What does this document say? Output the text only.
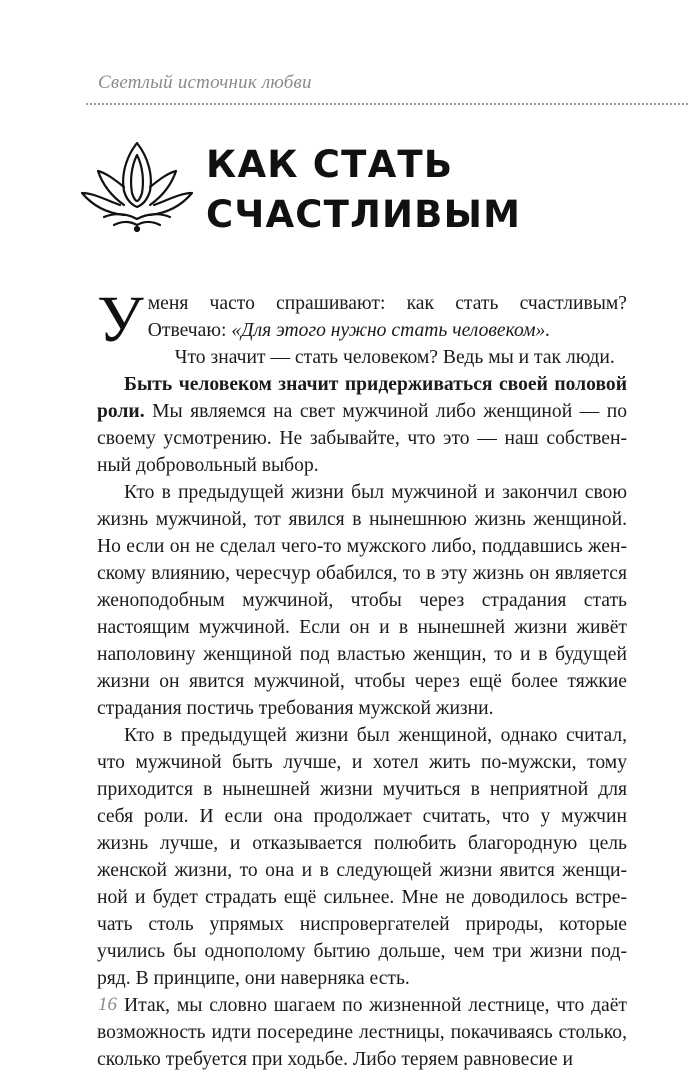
Светлый источник любви
КАК СТАТЬ
СЧАСТЛИВЫМ

У меня часто спрашивают: как стать счастливым? Отвечаю: «Для этого нужно стать человеком».

Что значит — стать человеком? Ведь мы и так люди.

Быть человеком значит придерживаться своей половой роли. Мы являемся на свет мужчиной либо женщиной — по своему усмотрению. Не забывайте, что это — наш собственный добровольный выбор.

Кто в предыдущей жизни был мужчиной и закончил свою жизнь мужчиной, тот явился в нынешнюю жизнь женщиной. Но если он не сделал чего-то мужского либо, поддавшись женскому влиянию, чересчур обабился, то в эту жизнь он является женоподобным мужчиной, чтобы через страдания стать настоящим мужчиной. Если он и в нынешней жизни живёт наполовину женщиной под властью женщин, то и в будущей жизни он явится мужчиной, чтобы через ещё более тяжкие страдания постичь требования мужской жизни.

Кто в предыдущей жизни был женщиной, однако считал, что мужчиной быть лучше, и хотел жить по-мужски, тому приходится в нынешней жизни мучиться в неприятной для себя роли. И если она продолжает считать, что у мужчин жизнь лучше, и отказывается полюбить благородную цель женской жизни, то она и в следующей жизни явится женщиной и будет страдать ещё сильнее. Мне не доводилось встречать столь упрямых ниспровергателей природы, которые учились бы однополому бытию дольше, чем три жизни подряд. В принципе, они наверняка есть.

Итак, мы словно шагаем по жизненной лестнице, что даёт возможность идти посередине лестницы, покачиваясь столько, сколько требуется при ходьбе. Либо теряем равновесие и

16
